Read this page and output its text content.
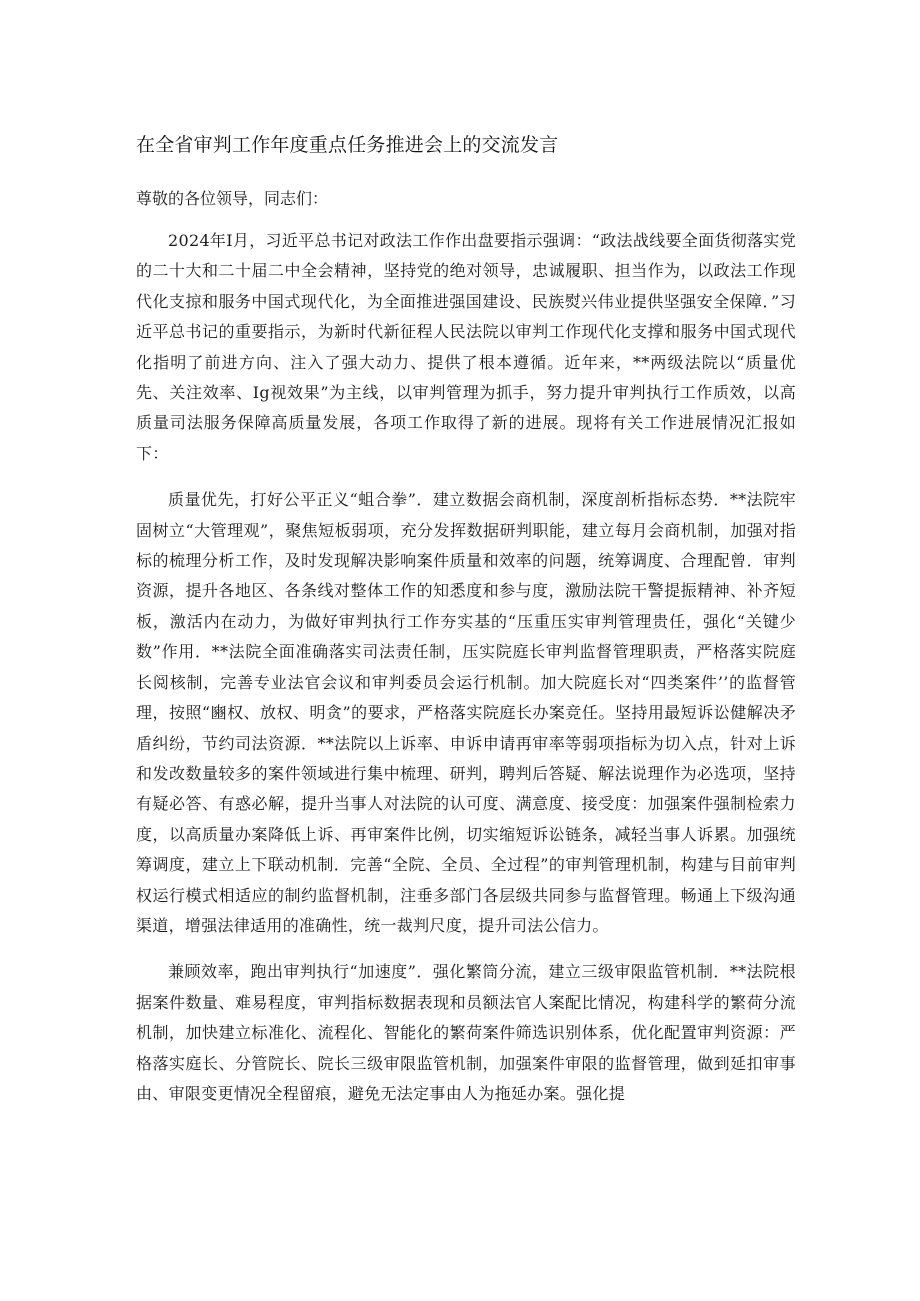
在全省审判工作年度重点任务推进会上的交流发言
尊敬的各位领导，同志们：

2024年I月，习近平总书记对政法工作作出盘要指示强调：“政法战线要全面货彻落实党的二十大和二十届二中全会精神，坚持党的绝对领导，忠诚履职、担当作为，以政法工作现代化支掠和服务中国式现代化，为全面推进强国建设、民族熨兴伟业提供坚强安全保障．”习近平总书记的重要指示，为新时代新征程人民法院以审判工作现代化支撑和服务中国式现代化指明了前进方向、注入了强大动力、提供了根本遵循。近年来，**两级法院以“质量优先、关注效率、Ig视效果”为主线，以审判管理为抓手，努力提升审判执行工作质效，以高质量司法服务保障高质量发展，各项工作取得了新的进展。现将有关工作进展情况汇报如下：

质量优先，打好公平正义“蛆合拳”．建立数据会商机制，深度剖析指标态势．**法院牢固树立“大管理观”，聚焦短板弱项，充分发挥数据研判职能，建立每月会商机制，加强对指标的梳理分析工作，及时发现解决影响案件质量和效率的问题，统筹调度、合理配曾．审判资源，提升各地区、各条线对整体工作的知悉度和参与度，激励法院干警提振精神、补齐短板，激活内在动力，为做好审判执行工作夯实基的“压重压实审判管理贵任，强化“关键少数”作用．**法院全面准确落实司法责任制，压实院庭长审判监督管理职责，严格落实院庭长阅核制，完善专业法官会议和审判委员会运行机制。加大院庭长对“四类案件’’的监督管理，按照“豳权、放权、明贪”的要求，严格落实院庭长办案竞任。坚持用最短诉讼健解决矛盾纠纷，节约司法资源．**法院以上诉率、申诉申请再审率等弱项指标为切入点，针对上诉和发改数量较多的案件领域进行集中梳理、研判，聘判后答疑、解法说理作为必选项，坚持有疑必答、有惑必解，提升当事人对法院的认可度、满意度、接受度：加强案件强制检索力度，以高质量办案降低上诉、再审案件比例，切实缩短诉讼链条，减轻当事人诉累。加强统筹调度，建立上下联动机制．完善“全院、全员、全过程”的审判管理机制，构建与目前审判权运行模式相适应的制约监督机制，注垂多部门各层级共同参与监督管理。畅通上下级沟通渠道，增强法律适用的准确性，统一裁判尺度，提升司法公信力。

兼顾效率，跑出审判执行“加速度”．强化繁筒分流，建立三级审限监管机制．**法院根据案件数量、难易程度，审判指标数据表现和员额法官人案配比情况，构建科学的繁荷分流机制，加快建立标准化、流程化、智能化的繁荷案件筛选识别体系，优化配置审判资源：严格落实庭长、分管院长、院长三级审限监管机制，加强案件审限的监督管理，做到延扣审事由、审限变更情况全程留痕，避免无法定事由人为拖延办案。强化提
